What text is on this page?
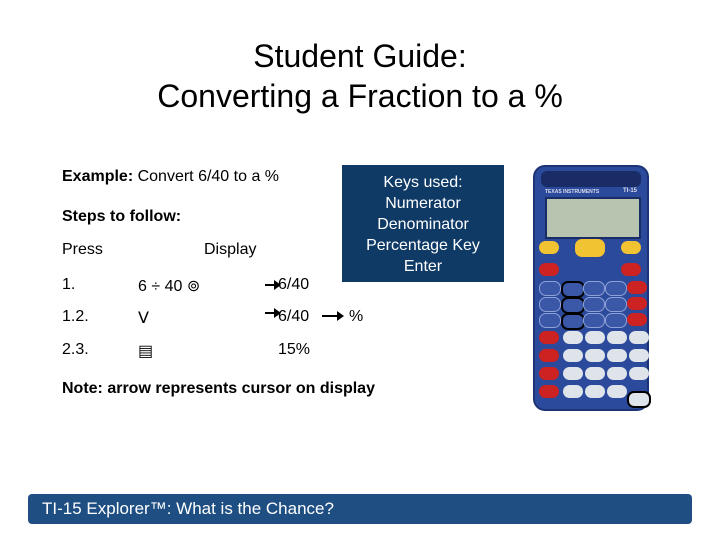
Student Guide:
Converting a Fraction to a %
Example: Convert 6/40 to a %
Steps to follow:
Press	Display
1.	6 ÷ 40 ⊚	6/40
1.2.	ⴸ	6/40 %
2.3.	▤	15%
Note: arrow represents cursor on display
Keys used:
Numerator
Denominator
Percentage Key
Enter
TEXAS INSTRUMENTS	TI-15
TI-15 Explorer™: What is the Chance?
